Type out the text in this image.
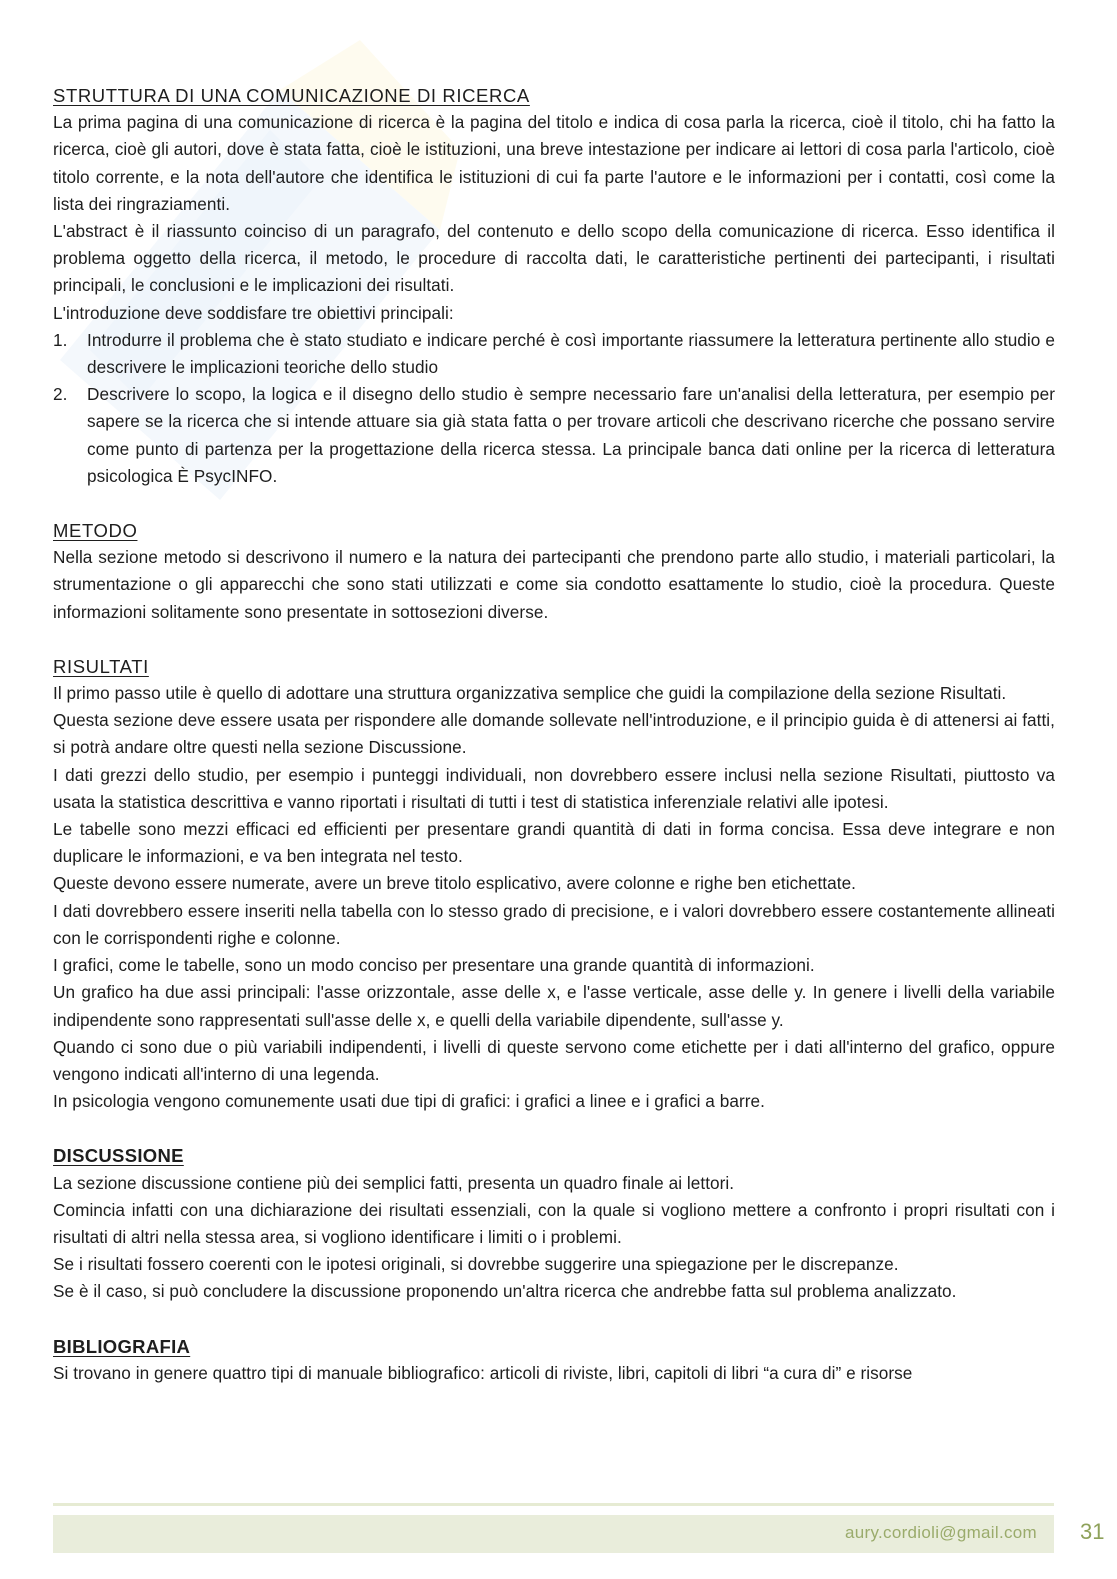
STRUTTURA DI UNA COMUNICAZIONE DI RICERCA

La prima pagina di una comunicazione di ricerca è la pagina del titolo e indica di cosa parla la ricerca, cioè il titolo, chi ha fatto la ricerca, cioè gli autori, dove è stata fatta, cioè le istituzioni, una breve intestazione per indicare ai lettori di cosa parla l'articolo, cioè titolo corrente, e la nota dell'autore che identifica le istituzioni di cui fa parte l'autore e le informazioni per i contatti, così come la lista dei ringraziamenti.

L'abstract è il riassunto coinciso di un paragrafo, del contenuto e dello scopo della comunicazione di ricerca. Esso identifica il problema oggetto della ricerca, il metodo, le procedure di raccolta dati, le caratteristiche pertinenti dei partecipanti, i risultati principali, le conclusioni e le implicazioni dei risultati.

L'introduzione deve soddisfare tre obiettivi principali:

1. Introdurre il problema che è stato studiato e indicare perché è così importante riassumere la letteratura pertinente allo studio e descrivere le implicazioni teoriche dello studio
2. Descrivere lo scopo, la logica e il disegno dello studio è sempre necessario fare un'analisi della letteratura, per esempio per sapere se la ricerca che si intende attuare sia già stata fatta o per trovare articoli che descrivano ricerche che possano servire come punto di partenza per la progettazione della ricerca stessa. La principale banca dati online per la ricerca di letteratura psicologica È PsycINFO.
METODO

Nella sezione metodo si descrivono il numero e la natura dei partecipanti che prendono parte allo studio, i materiali particolari, la strumentazione o gli apparecchi che sono stati utilizzati e come sia condotto esattamente lo studio, cioè la procedura. Queste informazioni solitamente sono presentate in sottosezioni diverse.

RISULTATI

Il primo passo utile è quello di adottare una struttura organizzativa semplice che guidi la compilazione della sezione Risultati.

Questa sezione deve essere usata per rispondere alle domande sollevate nell'introduzione, e il principio guida è di attenersi ai fatti, si potrà andare oltre questi nella sezione Discussione.

I dati grezzi dello studio, per esempio i punteggi individuali, non dovrebbero essere inclusi nella sezione Risultati, piuttosto va usata la statistica descrittiva e vanno riportati i risultati di tutti i test di statistica inferenziale relativi alle ipotesi.

Le tabelle sono mezzi efficaci ed efficienti per presentare grandi quantità di dati in forma concisa. Essa deve integrare e non duplicare le informazioni, e va ben integrata nel testo.

Queste devono essere numerate, avere un breve titolo esplicativo, avere colonne e righe ben etichettate.

I dati dovrebbero essere inseriti nella tabella con lo stesso grado di precisione, e i valori dovrebbero essere costantemente allineati con le corrispondenti righe e colonne.

I grafici, come le tabelle, sono un modo conciso per presentare una grande quantità di informazioni.

Un grafico ha due assi principali: l'asse orizzontale, asse delle x, e l'asse verticale, asse delle y. In genere i livelli della variabile indipendente sono rappresentati sull'asse delle x, e quelli della variabile dipendente, sull'asse y.

Quando ci sono due o più variabili indipendenti, i livelli di queste servono come etichette per i dati all'interno del grafico, oppure vengono indicati all'interno di una legenda.

In psicologia vengono comunemente usati due tipi di grafici: i grafici a linee e i grafici a barre.

DISCUSSIONE

La sezione discussione contiene più dei semplici fatti, presenta un quadro finale ai lettori.

Comincia infatti con una dichiarazione dei risultati essenziali, con la quale si vogliono mettere a confronto i propri risultati con i risultati di altri nella stessa area, si vogliono identificare i limiti o i problemi.

Se i risultati fossero coerenti con le ipotesi originali, si dovrebbe suggerire una spiegazione per le discrepanze.

Se è il caso, si può concludere la discussione proponendo un'altra ricerca che andrebbe fatta sul problema analizzato.

BIBLIOGRAFIA

Si trovano in genere quattro tipi di manuale bibliografico: articoli di riviste, libri, capitoli di libri “a cura di” e risorse

aury.cordioli@gmail.com 31
